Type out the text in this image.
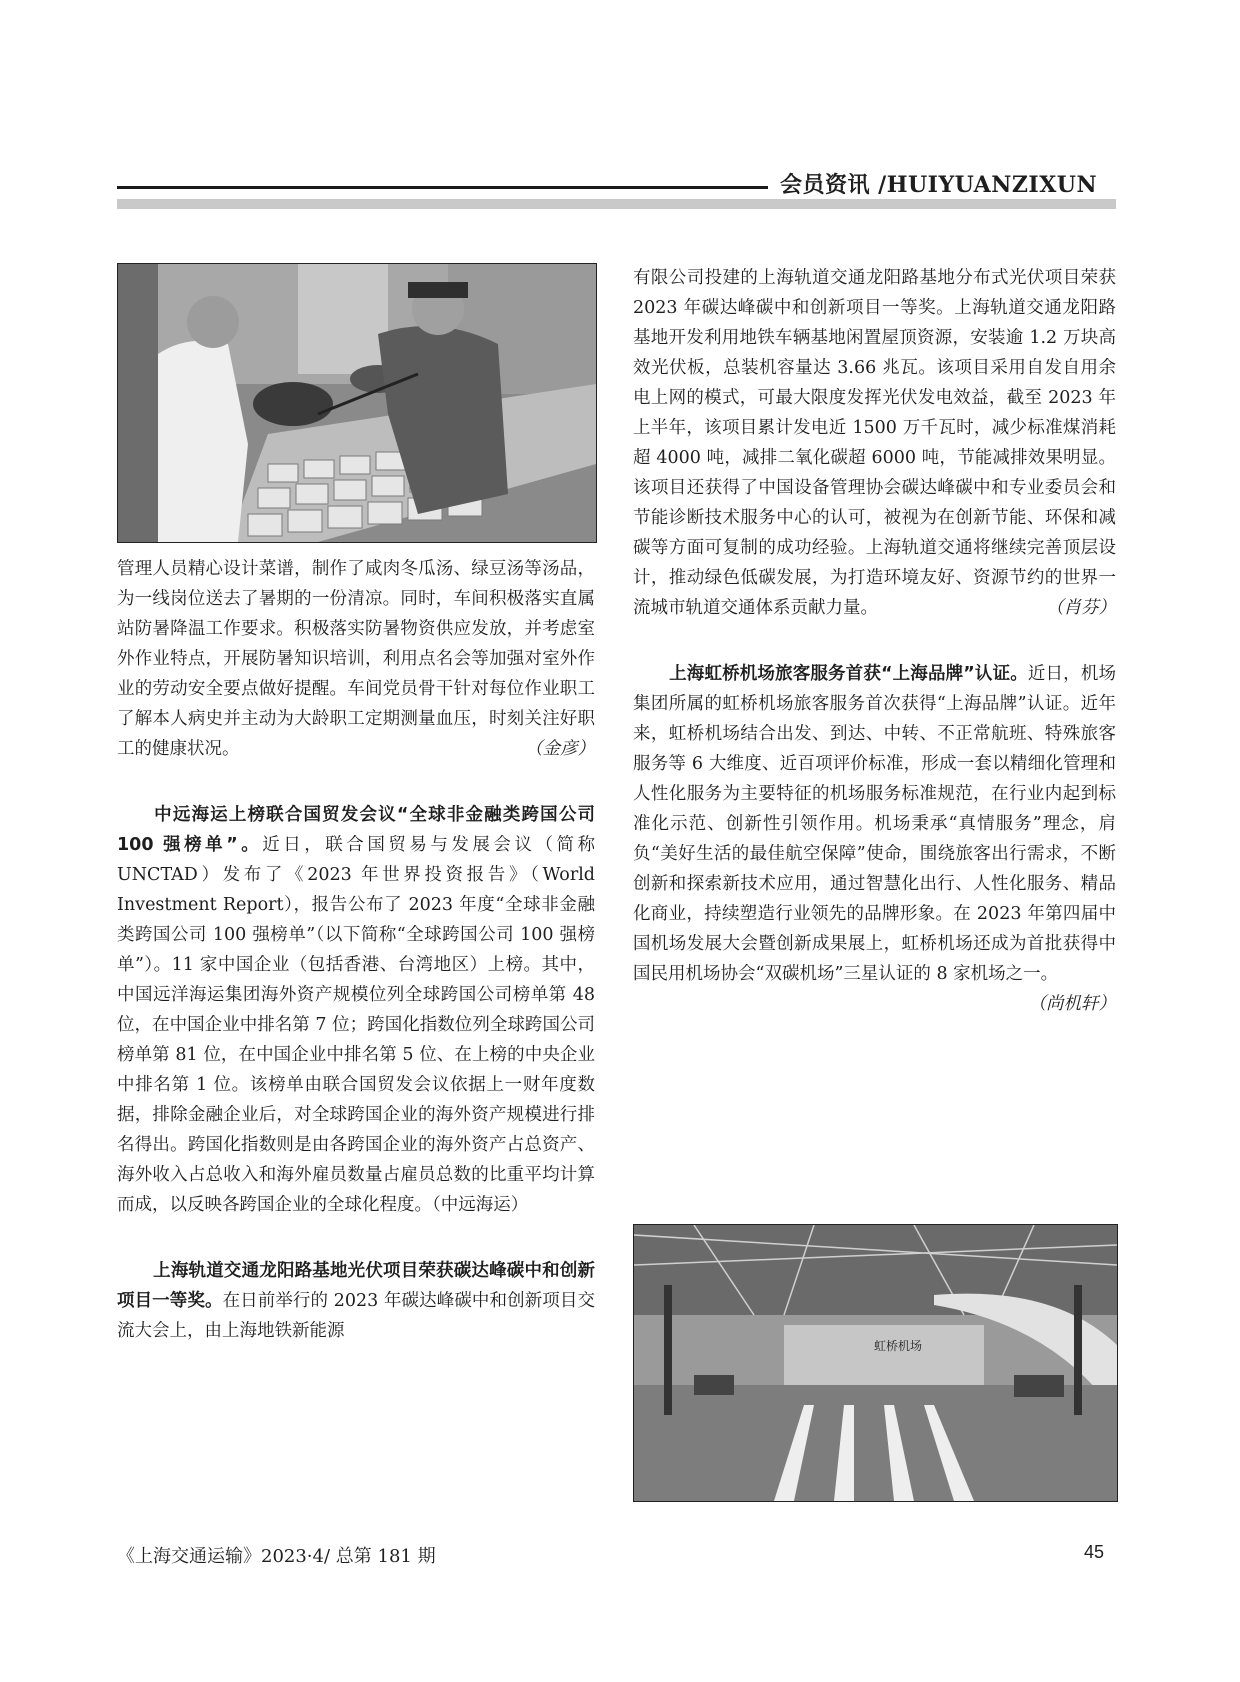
会员资讯 /HUIYUANZIXUN

管理人员精心设计菜谱，制作了咸肉冬瓜汤、绿豆汤等汤品，为一线岗位送去了暑期的一份清凉。同时，车间积极落实直属站防暑降温工作要求。积极落实防暑物资供应发放，并考虑室外作业特点，开展防暑知识培训，利用点名会等加强对室外作业的劳动安全要点做好提醒。车间党员骨干针对每位作业职工了解本人病史并主动为大龄职工定期测量血压，时刻关注好职工的健康状况。	（金彦）

中远海运上榜联合国贸发会议“全球非金融类跨国公司 100 强榜单”。近日，联合国贸易与发展会议（简称 UNCTAD）发布了《2023 年世界投资报告》（World Investment Report），报告公布了 2023 年度“全球非金融类跨国公司 100 强榜单”（以下简称“全球跨国公司 100 强榜单”）。11 家中国企业（包括香港、台湾地区）上榜。其中，中国远洋海运集团海外资产规模位列全球跨国公司榜单第 48 位，在中国企业中排名第 7 位；跨国化指数位列全球跨国公司榜单第 81 位，在中国企业中排名第 5 位、在上榜的中央企业中排名第 1 位。该榜单由联合国贸发会议依据上一财年度数据，排除金融企业后，对全球跨国企业的海外资产规模进行排名得出。跨国化指数则是由各跨国企业的海外资产占总资产、海外收入占总收入和海外雇员数量占雇员总数的比重平均计算而成，以反映各跨国企业的全球化程度。（中远海运）

上海轨道交通龙阳路基地光伏项目荣获碳达峰碳中和创新项目一等奖。在日前举行的 2023 年碳达峰碳中和创新项目交流大会上，由上海地铁新能源

有限公司投建的上海轨道交通龙阳路基地分布式光伏项目荣获 2023 年碳达峰碳中和创新项目一等奖。上海轨道交通龙阳路基地开发利用地铁车辆基地闲置屋顶资源，安装逾 1.2 万块高效光伏板，总装机容量达 3.66 兆瓦。该项目采用自发自用余电上网的模式，可最大限度发挥光伏发电效益，截至 2023 年上半年，该项目累计发电近 1500 万千瓦时，减少标准煤消耗超 4000 吨，减排二氧化碳超 6000 吨，节能减排效果明显。该项目还获得了中国设备管理协会碳达峰碳中和专业委员会和节能诊断技术服务中心的认可，被视为在创新节能、环保和减碳等方面可复制的成功经验。上海轨道交通将继续完善顶层设计，推动绿色低碳发展，为打造环境友好、资源节约的世界一流城市轨道交通体系贡献力量。	（肖芬）

上海虹桥机场旅客服务首获“上海品牌”认证。近日，机场集团所属的虹桥机场旅客服务首次获得“上海品牌”认证。近年来，虹桥机场结合出发、到达、中转、不正常航班、特殊旅客服务等 6 大维度、近百项评价标准，形成一套以精细化管理和人性化服务为主要特征的机场服务标准规范，在行业内起到标准化示范、创新性引领作用。机场秉承“真情服务”理念，肩负“美好生活的最佳航空保障”使命，围绕旅客出行需求，不断创新和探索新技术应用，通过智慧化出行、人性化服务、精品化商业，持续塑造行业领先的品牌形象。在 2023 年第四届中国机场发展大会暨创新成果展上，虹桥机场还成为首批获得中国民用机场协会“双碳机场”三星认证的 8 家机场之一。
（尚机轩）

虹桥机场
《上海交通运输》2023·4/ 总第 181 期	45
